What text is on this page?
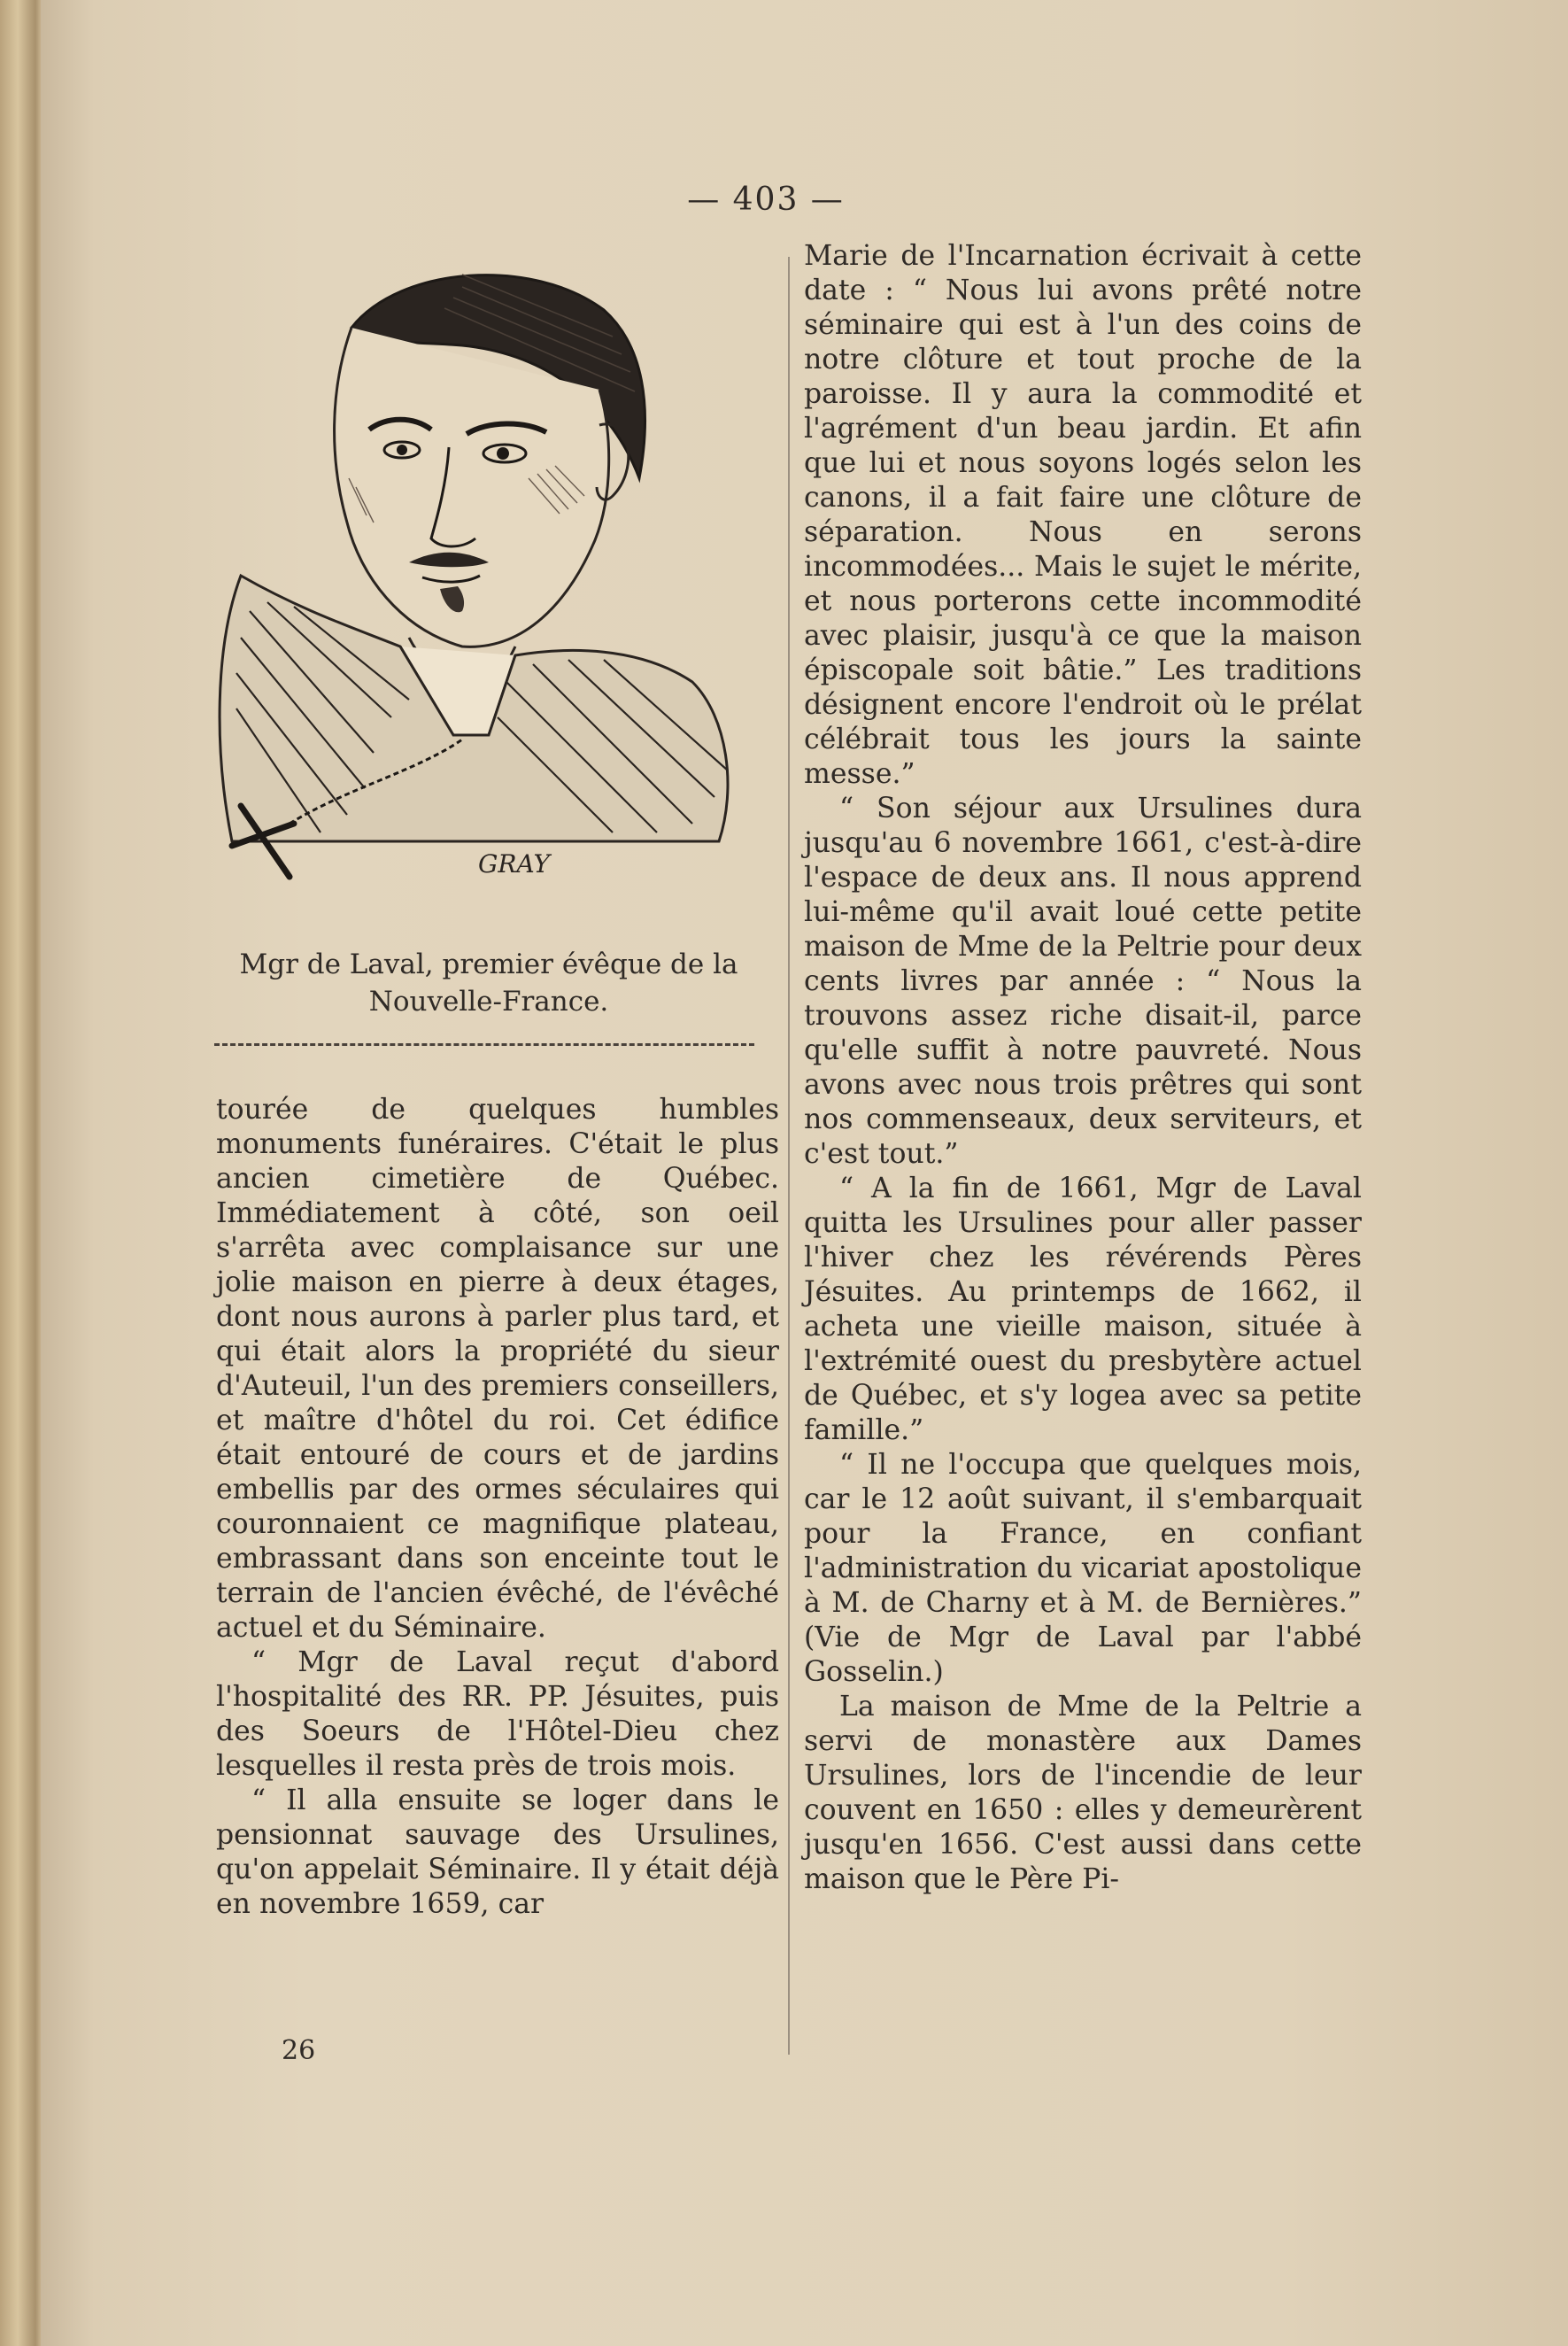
— 403 —
GRAY
Mgr de Laval, premier évêque de la Nouvelle-France.

tourée de quelques humbles monuments funéraires. C'était le plus ancien cimetière de Québec. Immédiatement à côté, son oeil s'arrêta avec complaisance sur une jolie maison en pierre à deux étages, dont nous aurons à parler plus tard, et qui était alors la propriété du sieur d'Auteuil, l'un des premiers conseillers, et maître d'hôtel du roi. Cet édifice était entouré de cours et de jardins embellis par des ormes séculaires qui couronnaient ce magnifique plateau, embrassant dans son enceinte tout le terrain de l'ancien évêché, de l'évêché actuel et du Séminaire.

“ Mgr de Laval reçut d'abord l'hospitalité des RR. PP. Jésuites, puis des Soeurs de l'Hôtel-Dieu chez lesquelles il resta près de trois mois.

“ Il alla ensuite se loger dans le pensionnat sauvage des Ursulines, qu'on appelait Séminaire. Il y était déjà en novembre 1659, car

26

Marie de l'Incarnation écrivait à cette date : “ Nous lui avons prêté notre séminaire qui est à l'un des coins de notre clôture et tout proche de la paroisse. Il y aura la commodité et l'agrément d'un beau jardin. Et afin que lui et nous soyons logés selon les canons, il a fait faire une clôture de séparation. Nous en serons incommodées... Mais le sujet le mérite, et nous porterons cette incommodité avec plaisir, jusqu'à ce que la maison épiscopale soit bâtie.” Les traditions désignent encore l'endroit où le prélat célébrait tous les jours la sainte messe.”

“ Son séjour aux Ursulines dura jusqu'au 6 novembre 1661, c'est-à-dire l'espace de deux ans. Il nous apprend lui-même qu'il avait loué cette petite maison de Mme de la Peltrie pour deux cents livres par année : “ Nous la trouvons assez riche disait-il, parce qu'elle suffit à notre pauvreté. Nous avons avec nous trois prêtres qui sont nos commenseaux, deux serviteurs, et c'est tout.”

“ A la fin de 1661, Mgr de Laval quitta les Ursulines pour aller passer l'hiver chez les révérends Pères Jésuites. Au printemps de 1662, il acheta une vieille maison, située à l'extrémité ouest du presbytère actuel de Québec, et s'y logea avec sa petite famille.”

“ Il ne l'occupa que quelques mois, car le 12 août suivant, il s'embarquait pour la France, en confiant l'administration du vicariat apostolique à M. de Charny et à M. de Bernières.” (Vie de Mgr de Laval par l'abbé Gosselin.)

La maison de Mme de la Peltrie a servi de monastère aux Dames Ursulines, lors de l'incendie de leur couvent en 1650 : elles y demeurèrent jusqu'en 1656. C'est aussi dans cette maison que le Père Pi-
